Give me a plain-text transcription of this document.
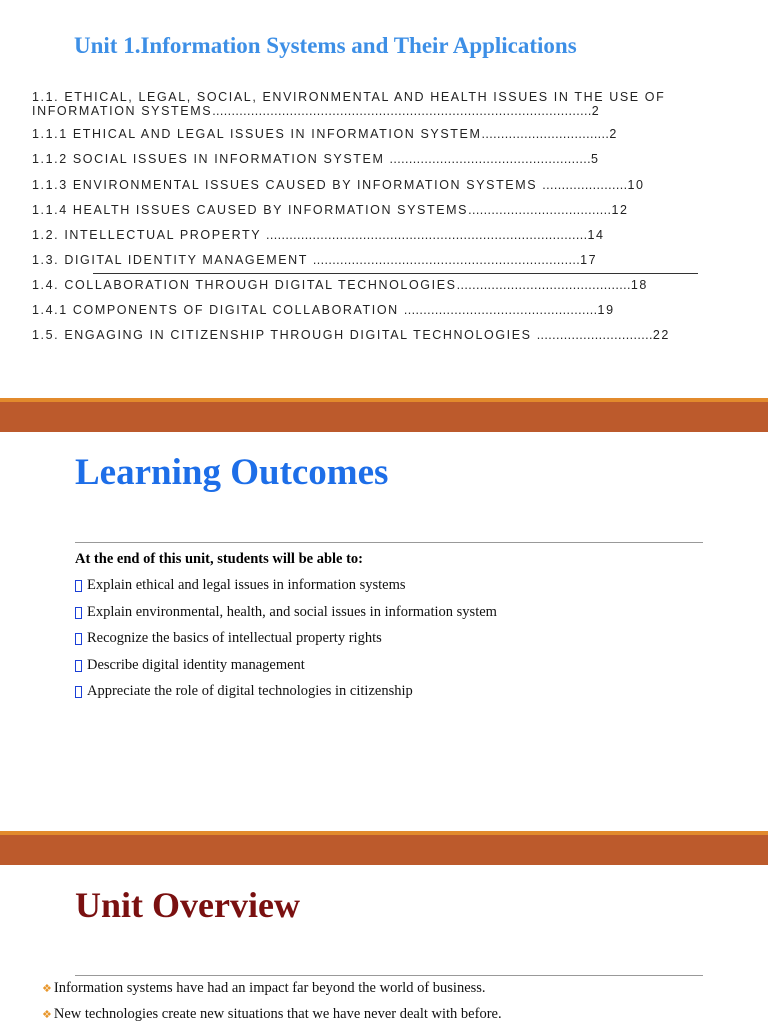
Unit 1.Information Systems and Their Applications
1.1. ETHICAL, LEGAL, SOCIAL, ENVIRONMENTAL AND HEALTH ISSUES IN THE USE OF
INFORMATION SYSTEMS..................................................................................................2
1.1.1 ETHICAL AND LEGAL ISSUES IN INFORMATION SYSTEM.................................2
1.1.2 SOCIAL ISSUES IN INFORMATION SYSTEM ....................................................5
1.1.3 ENVIRONMENTAL ISSUES CAUSED BY INFORMATION SYSTEMS ......................10
1.1.4 HEALTH ISSUES CAUSED BY INFORMATION SYSTEMS.....................................12
1.2. INTELLECTUAL PROPERTY ...................................................................................14
1.3. DIGITAL IDENTITY MANAGEMENT .....................................................................17
1.4. COLLABORATION THROUGH DIGITAL TECHNOLOGIES.............................................18
1.4.1 COMPONENTS OF DIGITAL COLLABORATION ..................................................19
1.5. ENGAGING IN CITIZENSHIP THROUGH DIGITAL TECHNOLOGIES ..............................22
Learning Outcomes
At the end of this unit, students will be able to:
Explain ethical and legal issues in information systems
Explain environmental, health, and social issues in information system
Recognize the basics of intellectual property rights
Describe digital identity management
Appreciate the role of digital technologies in citizenship
Unit Overview
❖ Information systems have had an impact far beyond the world of business.
❖ New technologies create new situations that we have never dealt with before.
